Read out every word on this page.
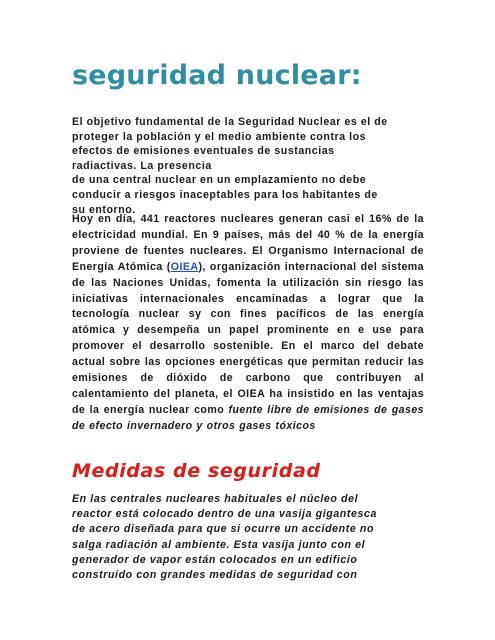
seguridad nuclear:

El objetivo fundamental de la Seguridad Nuclear es el de
proteger la población y el medio ambiente contra los
efectos de emisiones eventuales de sustancias
radiactivas. La presencia
de una central nuclear en un emplazamiento no debe
conducir a riesgos inaceptables para los habitantes de
su entorno.

Hoy en día, 441 reactores nucleares generan casi el 16% de la electricidad mundial. En 9 países, más del 40 % de la energía proviene de fuentes nucleares. El Organismo Internacional de Energía Atómica (OIEA), organización internacional del sistema de las Naciones Unidas, fomenta la utilización sin riesgo las iniciativas internacionales encaminadas a lograr que la tecnología nuclear sy con fines pacíficos de las energía atómica y desempeña un papel prominente en e use para promover el desarrollo sostenible. En el marco del debate actual sobre las opciones energéticas que permitan reducir las emisiones de dióxido de carbono que contribuyen al calentamiento del planeta, el OIEA ha insistido en las ventajas de la energía nuclear como fuente libre de emisiones de gases de efecto invernadero y otros gases tóxicos

Medidas de seguridad

En las centrales nucleares habituales el núcleo del
reactor está colocado dentro de una vasija gigantesca
de acero diseñada para que si ocurre un accidente no
salga radiación al ambiente. Esta vasija junto con el
generador de vapor están colocados en un edificio
construido con grandes medidas de seguridad con
